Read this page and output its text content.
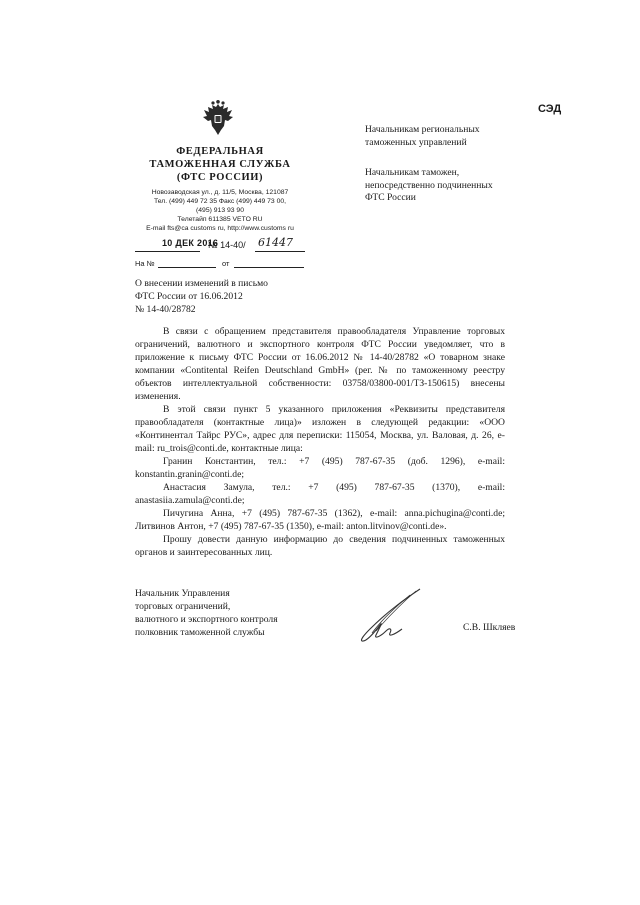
ФЕДЕРАЛЬНАЯ
ТАМОЖЕННАЯ СЛУЖБА
(ФТС РОССИИ)
Новозаводская ул., д. 11/5, Москва, 121087
Тел. (499) 449 72 35 Факс (499) 449 73 00,
(495) 913 93 90
Телетайп 611385 VETO RU
E-mail fts@ca customs ru, http://www.customs ru
10 ДЕК 2016
№ 14-40/ 61447
На №	от
СЭД
Начальникам региональных
таможенных управлений
Начальникам таможен,
непосредственно подчиненных
ФТС России
О внесении изменений в письмо
ФТС России от 16.06.2012
№ 14-40/28782

В связи с обращением представителя правообладателя Управление торговых ограничений, валютного и экспортного контроля ФТС России уведомляет, что в приложение к письму ФТС России от 16.06.2012 № 14-40/28782 «О товарном знаке компании «Contitental Reifen Deutschland GmbH» (рег. № по таможенному реестру объектов интеллектуальной собственности: 03758/03800-001/ТЗ-150615) внесены изменения.

В этой связи пункт 5 указанного приложения «Реквизиты представителя правообладателя (контактные лица)» изложен в следующей редакции: «ООО «Континентал Тайрс РУС», адрес для переписки: 115054, Москва, ул. Валовая, д. 26, e-mail: ru_trois@conti.de, контактные лица:

Гранин Константин, тел.: +7 (495) 787-67-35 (доб. 1296), e-mail: konstantin.granin@conti.de;

Анастасия Замула, тел.: +7 (495) 787-67-35 (1370), e-mail: anastasiia.zamula@conti.de;

Пичугина Анна, +7 (495) 787-67-35 (1362), e-mail: anna.pichugina@conti.de; Литвинов Антон, +7 (495) 787-67-35 (1350), e-mail: anton.litvinov@conti.de».

Прошу довести данную информацию до сведения подчиненных таможенных органов и заинтересованных лиц.

Начальник Управления
торговых ограничений,
валютного и экспортного контроля
полковник таможенной службы	С.В. Шкляев
